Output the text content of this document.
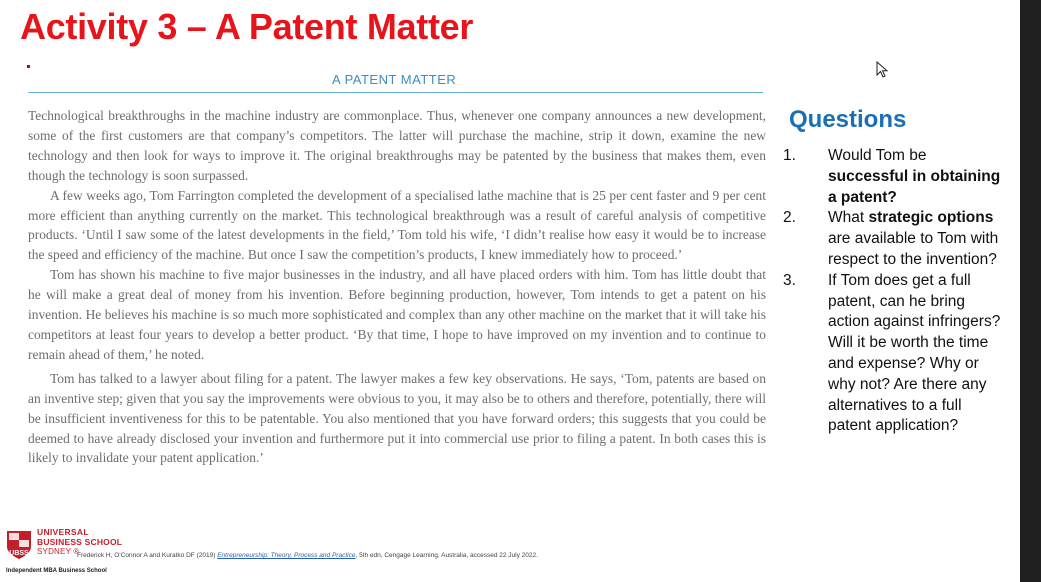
Activity 3 – A Patent Matter
A PATENT MATTER

Technological breakthroughs in the machine industry are commonplace. Thus, whenever one company announces a new development, some of the first customers are that company’s competitors. The latter will purchase the machine, strip it down, examine the new technology and then look for ways to improve it. The original breakthroughs may be patented by the business that makes them, even though the technology is soon surpassed.

A few weeks ago, Tom Farrington completed the development of a specialised lathe machine that is 25 per cent faster and 9 per cent more efficient than anything currently on the market. This technological breakthrough was a result of careful analysis of competitive products. ‘Until I saw some of the latest developments in the field,’ Tom told his wife, ‘I didn’t realise how easy it would be to increase the speed and efficiency of the machine. But once I saw the competition’s products, I knew immediately how to proceed.’

Tom has shown his machine to five major businesses in the industry, and all have placed orders with him. Tom has little doubt that he will make a great deal of money from his invention. Before beginning production, however, Tom intends to get a patent on his invention. He believes his machine is so much more sophisticated and complex than any other machine on the market that it will take his competitors at least four years to develop a better product. ‘By that time, I hope to have improved on my invention and to continue to remain ahead of them,’ he noted.

Tom has talked to a lawyer about filing for a patent. The lawyer makes a few key observations. He says, ‘Tom, patents are based on an inventive step; given that you say the improvements were obvious to you, it may also be to others and therefore, potentially, there will be insufficient inventiveness for this to be patentable. You also mentioned that you have forward orders; this suggests that you could be deemed to have already disclosed your invention and furthermore put it into commercial use prior to filing a patent. In both cases this is likely to invalidate your patent application.’

Questions
1. Would Tom be successful in obtaining a patent?
2. What strategic options are available to Tom with respect to the invention?
3. If Tom does get a full patent, can he bring action against infringers? Will it be worth the time and expense? Why or why not? Are there any alternatives to a full patent application?
UBSS
UNIVERSAL
BUSINESS SCHOOL
SYDNEY ®
Independent MBA Business School
Frederick H, O’Connor A and Kuratko DF (2019) Entrepreneurship: Theory, Process and Practice, 5th edn, Cengage Learning, Australia, accessed 22 July 2022.
